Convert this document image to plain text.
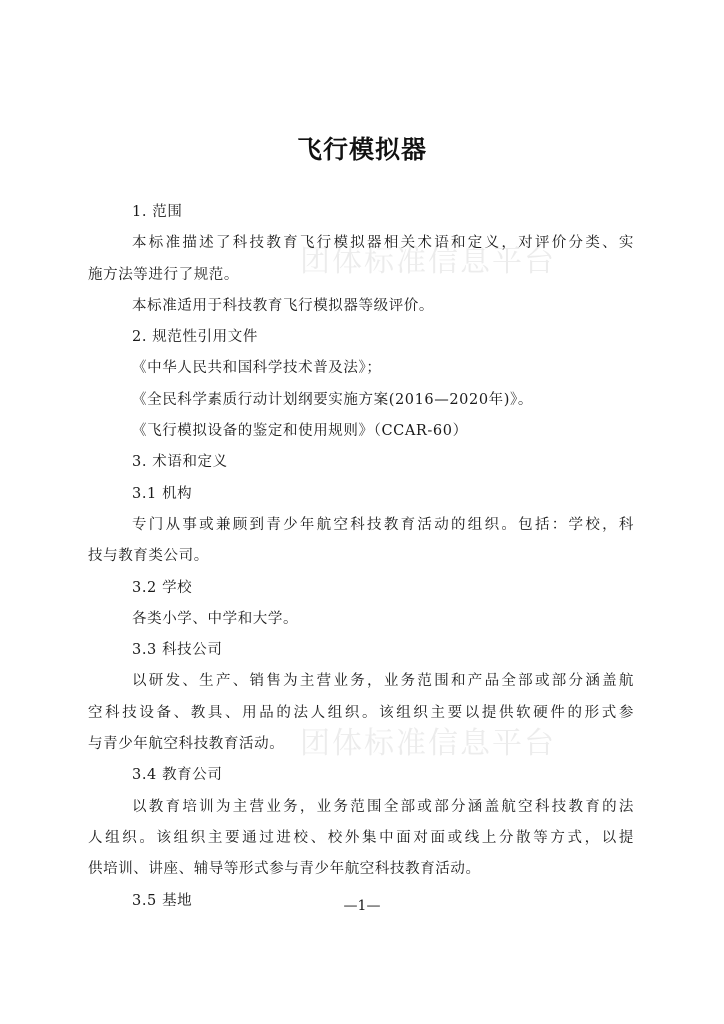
团体标准信息平台
团体标准信息平台
飞行模拟器
1. 范围
本标准描述了科技教育飞行模拟器相关术语和定义，对评价分类、实
施方法等进行了规范。
本标准适用于科技教育飞行模拟器等级评价。
2. 规范性引用文件
《中华人民共和国科学技术普及法》；
《全民科学素质行动计划纲要实施方案(2016—2020年)》。
《飞行模拟设备的鉴定和使用规则》（CCAR-60）
3. 术语和定义
3.1 机构
专门从事或兼顾到青少年航空科技教育活动的组织。包括：学校，科
技与教育类公司。
3.2 学校
各类小学、中学和大学。
3.3 科技公司
以研发、生产、销售为主营业务，业务范围和产品全部或部分涵盖航
空科技设备、教具、用品的法人组织。该组织主要以提供软硬件的形式参
与青少年航空科技教育活动。
3.4 教育公司
以教育培训为主营业务，业务范围全部或部分涵盖航空科技教育的法
人组织。该组织主要通过进校、校外集中面对面或线上分散等方式，以提
供培训、讲座、辅导等形式参与青少年航空科技教育活动。
3.5 基地	—1—
